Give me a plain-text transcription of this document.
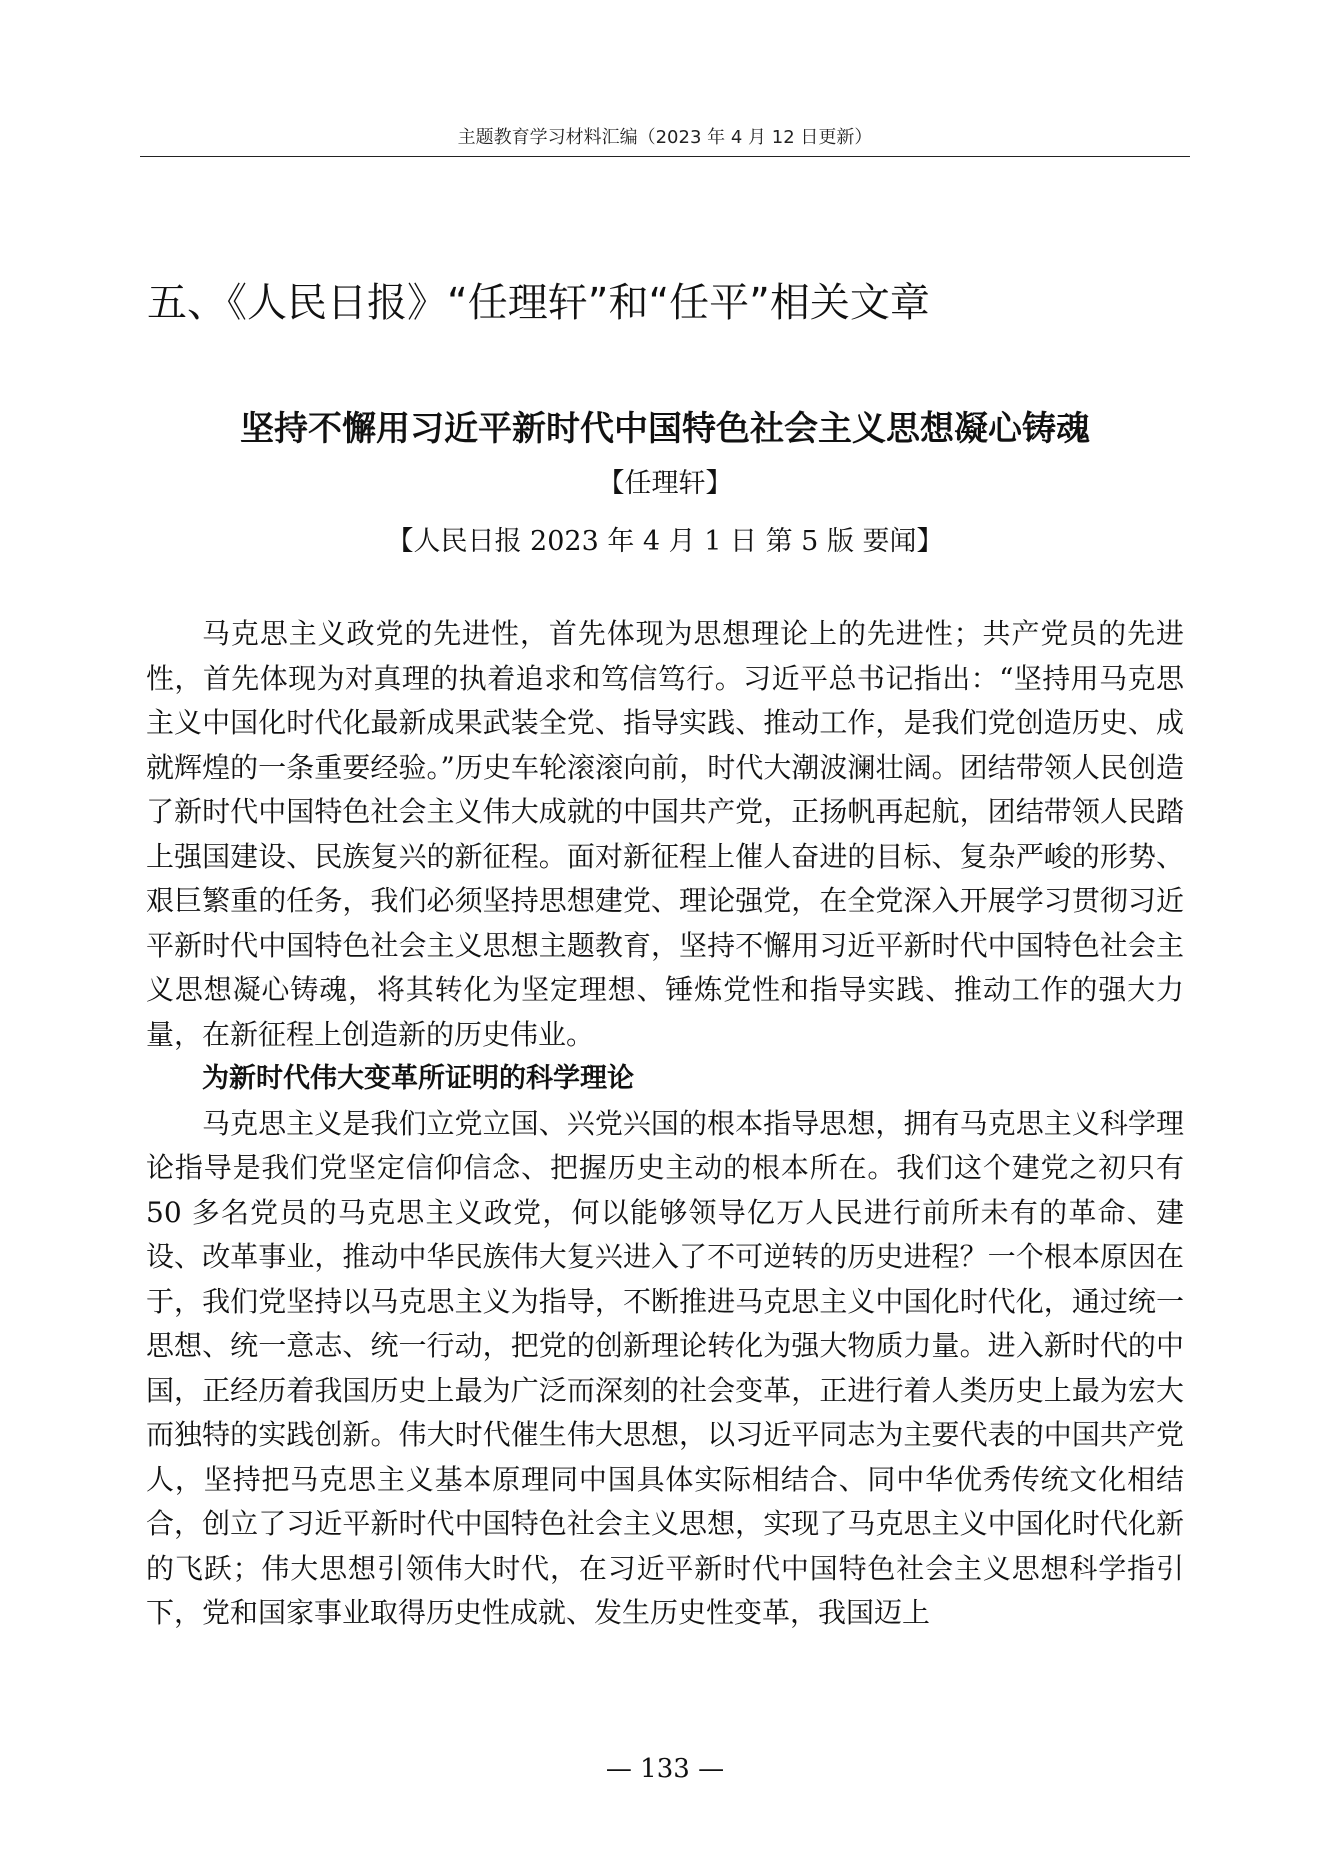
主题教育学习材料汇编（2023 年 4 月 12 日更新）
五、《人民日报》“任理轩”和“任平”相关文章
坚持不懈用习近平新时代中国特色社会主义思想凝心铸魂
【任理轩】
【人民日报 2023 年 4 月 1 日 第 5 版 要闻】

马克思主义政党的先进性，首先体现为思想理论上的先进性；共产党员的先进性，首先体现为对真理的执着追求和笃信笃行。习近平总书记指出：“坚持用马克思主义中国化时代化最新成果武装全党、指导实践、推动工作，是我们党创造历史、成就辉煌的一条重要经验。”历史车轮滚滚向前，时代大潮波澜壮阔。团结带领人民创造了新时代中国特色社会主义伟大成就的中国共产党，正扬帆再起航，团结带领人民踏上强国建设、民族复兴的新征程。面对新征程上催人奋进的目标、复杂严峻的形势、艰巨繁重的任务，我们必须坚持思想建党、理论强党，在全党深入开展学习贯彻习近平新时代中国特色社会主义思想主题教育，坚持不懈用习近平新时代中国特色社会主义思想凝心铸魂，将其转化为坚定理想、锤炼党性和指导实践、推动工作的强大力量，在新征程上创造新的历史伟业。

为新时代伟大变革所证明的科学理论

马克思主义是我们立党立国、兴党兴国的根本指导思想，拥有马克思主义科学理论指导是我们党坚定信仰信念、把握历史主动的根本所在。我们这个建党之初只有 50 多名党员的马克思主义政党，何以能够领导亿万人民进行前所未有的革命、建设、改革事业，推动中华民族伟大复兴进入了不可逆转的历史进程？一个根本原因在于，我们党坚持以马克思主义为指导，不断推进马克思主义中国化时代化，通过统一思想、统一意志、统一行动，把党的创新理论转化为强大物质力量。进入新时代的中国，正经历着我国历史上最为广泛而深刻的社会变革，正进行着人类历史上最为宏大而独特的实践创新。伟大时代催生伟大思想，以习近平同志为主要代表的中国共产党人，坚持把马克思主义基本原理同中国具体实际相结合、同中华优秀传统文化相结合，创立了习近平新时代中国特色社会主义思想，实现了马克思主义中国化时代化新的飞跃；伟大思想引领伟大时代，在习近平新时代中国特色社会主义思想科学指引下，党和国家事业取得历史性成就、发生历史性变革，我国迈上

— 133 —
